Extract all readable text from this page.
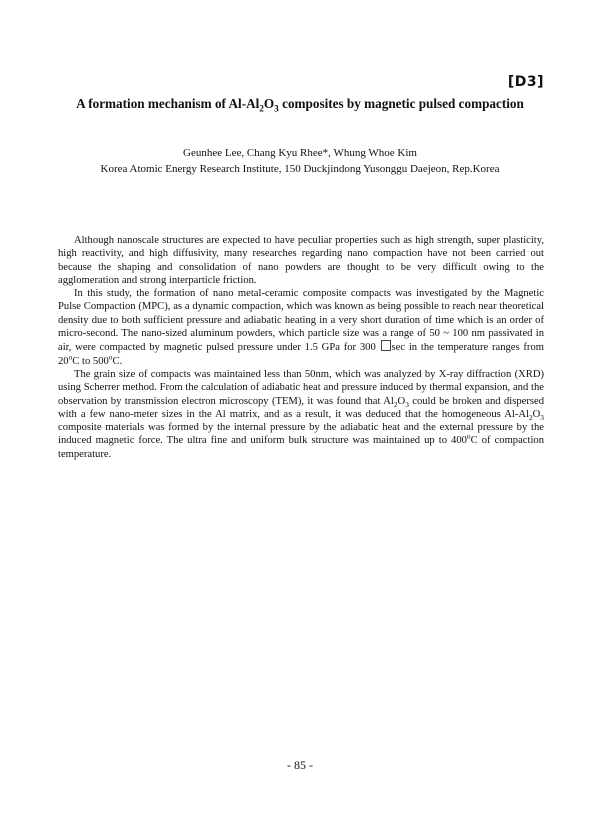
[D3]
A formation mechanism of $Al-Al_2O_3$ composites by magnetic pulsed compaction
Geunhee Lee, Chang Kyu Rhee*, Whung Whoe Kim
Korea Atomic Energy Research Institute, 150 Duckjindong Yusonggu Daejeon, Rep.Korea

Although nanoscale structures are expected to have peculiar properties such as high strength, super plasticity, high reactivity, and high diffusivity, many researches regarding nano compaction have not been carried out because the shaping and consolidation of nano powders are thought to be very difficult owing to the agglomeration and strong interparticle friction.

In this study, the formation of nano metal-ceramic composite compacts was investigated by the Magnetic Pulse Compaction (MPC), as a dynamic compaction, which was known as being possible to reach near theoretical density due to both sufficient pressure and adiabatic heating in a very short duration of time which is an order of micro-second. The nano-sized aluminum powders, which particle size was a range of 50 ~ 100 nm passivated in air, were compacted by magnetic pulsed pressure under 1.5 GPa for 300 sec in the temperature ranges from 20$^o$C to 500$^o$C.

The grain size of compacts was maintained less than 50nm, which was analyzed by X-ray diffraction (XRD) using Scherrer method. From the calculation of adiabatic heat and pressure induced by thermal expansion, and the observation by transmission electron microscopy (TEM), it was found that $Al_2O_3$ could be broken and dispersed with a few nano-meter sizes in the Al matrix, and as a result, it was deduced that the homogeneous $Al-Al_2O_3$ composite materials was formed by the internal pressure by the adiabatic heat and the external pressure by the induced magnetic force. The ultra fine and uniform bulk structure was maintained up to 400$^o$C of compaction temperature.

- 85 -
